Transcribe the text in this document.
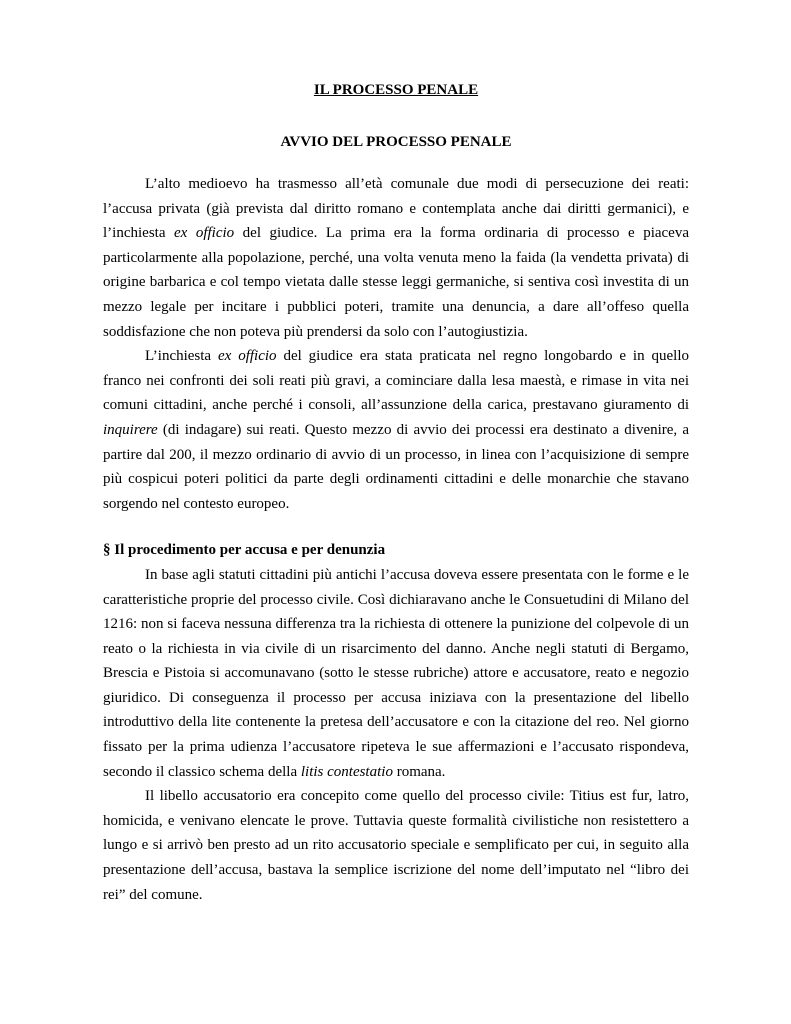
IL PROCESSO PENALE
AVVIO DEL PROCESSO PENALE

L’alto medioevo ha trasmesso all’età comunale due modi di persecuzione dei reati: l’accusa privata (già prevista dal diritto romano e contemplata anche dai diritti germanici), e l’inchiesta ex officio del giudice. La prima era la forma ordinaria di processo e piaceva particolarmente alla popolazione, perché, una volta venuta meno la faida (la vendetta privata) di origine barbarica e col tempo vietata dalle stesse leggi germaniche, si sentiva così investita di un mezzo legale per incitare i pubblici poteri, tramite una denuncia, a dare all’offeso quella soddisfazione che non poteva più prendersi da solo con l’autogiustizia.

L’inchiesta ex officio del giudice era stata praticata nel regno longobardo e in quello franco nei confronti dei soli reati più gravi, a cominciare dalla lesa maestà, e rimase in vita nei comuni cittadini, anche perché i consoli, all’assunzione della carica, prestavano giuramento di inquirere (di indagare) sui reati. Questo mezzo di avvio dei processi era destinato a divenire, a partire dal 200, il mezzo ordinario di avvio di un processo, in linea con l’acquisizione di sempre più cospicui poteri politici da parte degli ordinamenti cittadini e delle monarchie che stavano sorgendo nel contesto europeo.

§ Il procedimento per accusa e per denunzia

In base agli statuti cittadini più antichi l’accusa doveva essere presentata con le forme e le caratteristiche proprie del processo civile. Così dichiaravano anche le Consuetudini di Milano del 1216: non si faceva nessuna differenza tra la richiesta di ottenere la punizione del colpevole di un reato o la richiesta in via civile di un risarcimento del danno. Anche negli statuti di Bergamo, Brescia e Pistoia si accomunavano (sotto le stesse rubriche) attore e accusatore, reato e negozio giuridico. Di conseguenza il processo per accusa iniziava con la presentazione del libello introduttivo della lite contenente la pretesa dell’accusatore e con la citazione del reo. Nel giorno fissato per la prima udienza l’accusatore ripeteva le sue affermazioni e l’accusato rispondeva, secondo il classico schema della litis contestatio romana.

Il libello accusatorio era concepito come quello del processo civile: Titius est fur, latro, homicida, e venivano elencate le prove. Tuttavia queste formalità civilistiche non resistettero a lungo e si arrivò ben presto ad un rito accusatorio speciale e semplificato per cui, in seguito alla presentazione dell’accusa, bastava la semplice iscrizione del nome dell’imputato nel “libro dei rei” del comune.
